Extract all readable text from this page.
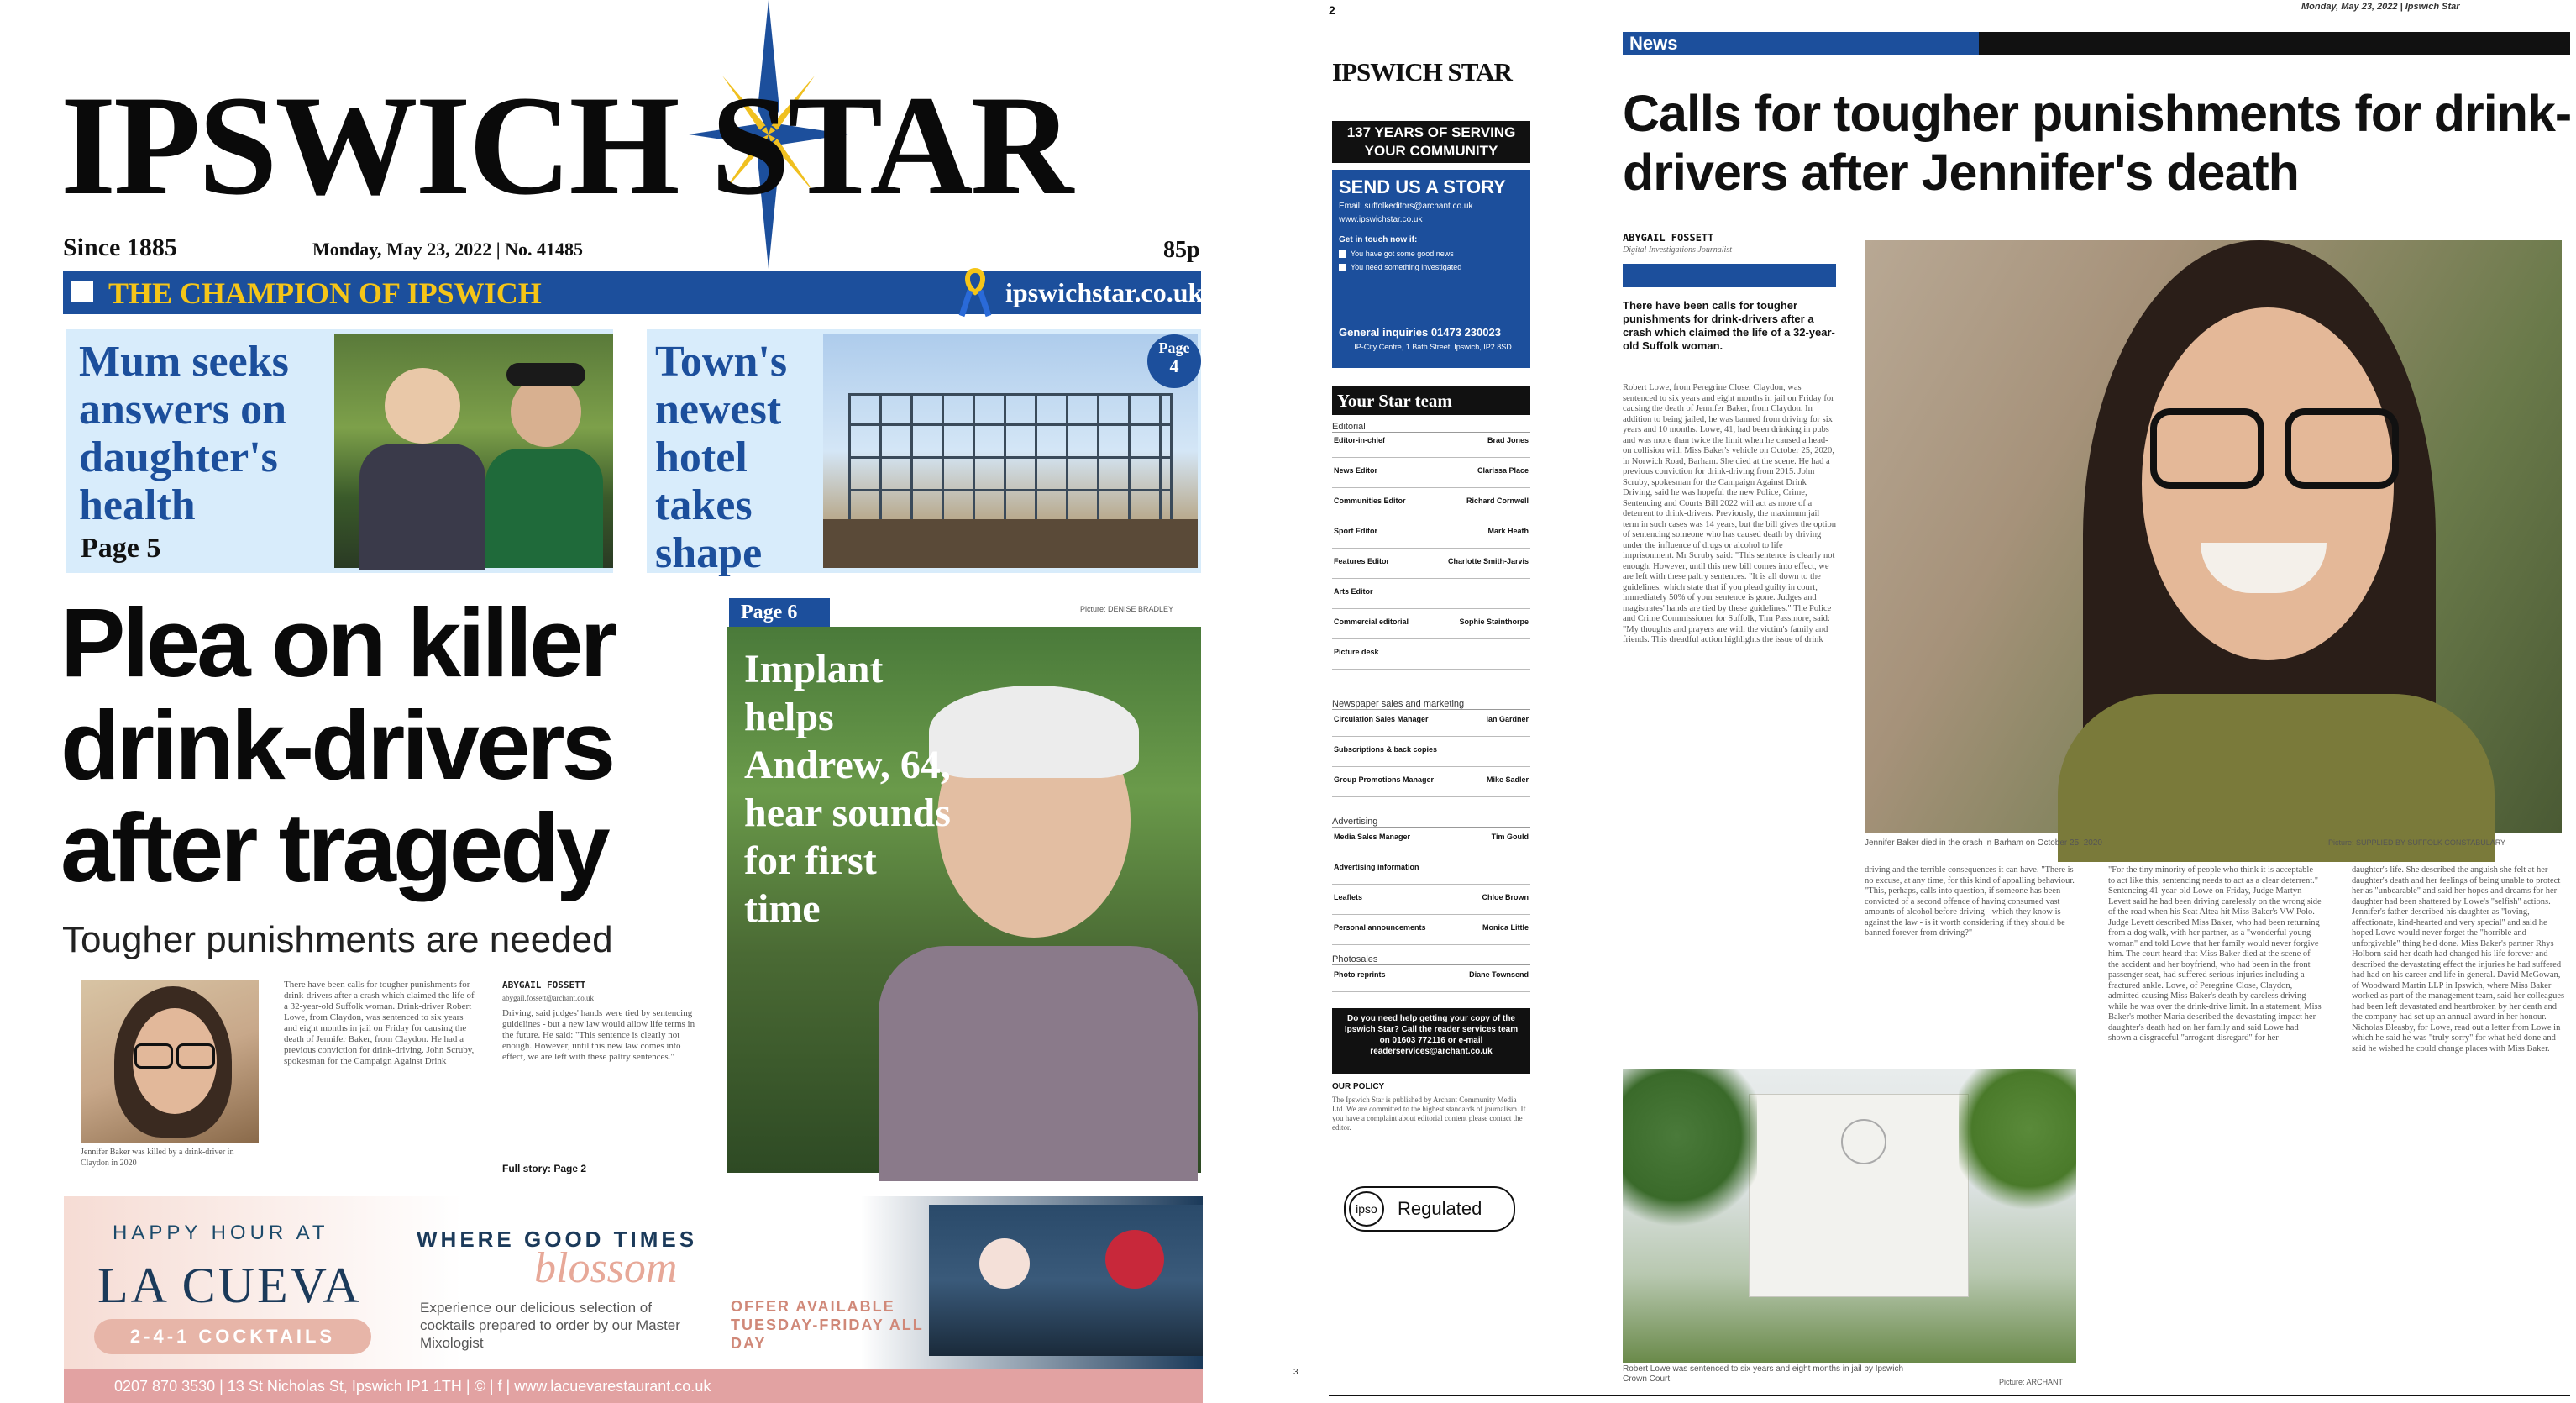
IPSWICH STAR
Since 1885	Monday, May 23, 2022 | No. 41485	85p
THE CHAMPION OF IPSWICH	ipswichstar.co.uk
Mum seeks answers on daughter's health
Page 5
Town's newest hotel takes shape
Page
4
Plea on killer drink-drivers after tragedy
Tougher punishments are needed
Jennifer Baker was killed by a drink-driver in Claydon in 2020
There have been calls for tougher punishments for drink-drivers after a crash which claimed the life of a 32-year-old Suffolk woman. Drink-driver Robert Lowe, from Claydon, was sentenced to six years and eight months in jail on Friday for causing the death of Jennifer Baker, from Claydon. He had a previous conviction for drink-driving. John Scruby, spokesman for the Campaign Against Drink
ABYGAIL FOSSETT
abygail.fossett@archant.co.uk
Driving, said judges' hands were tied by sentencing guidelines - but a new law would allow life terms in the future. He said: "This sentence is clearly not enough. However, until this new law comes into effect, we are left with these paltry sentences."
Full story: Page 2
Page 6	Picture: DENISE BRADLEY
Implant helps Andrew, 64, hear sounds for first time
HAPPY HOUR AT
LA CUEVA
2-4-1 COCKTAILS
WHERE GOOD TIMES
blossom
Experience our delicious selection of cocktails prepared to order by our Master Mixologist
OFFER AVAILABLE TUESDAY-FRIDAY ALL DAY
0207 870 3530 | 13 St Nicholas St, Ipswich IP1 1TH | © | f | www.lacuevarestaurant.co.uk
2	Monday, May 23, 2022 | Ipswich Star
IPSWICH STAR
137 YEARS OF SERVING YOUR COMMUNITY
SEND US A STORY
Email: suffolkeditors@archant.co.uk
www.ipswichstar.co.uk
Get in touch now if:
You have got some good news
You need something investigated
General inquiries 01473 230023
IP-City Centre, 1 Bath Street, Ipswich, IP2 8SD
Your Star team
Editorial
Editor-in-chief	Brad Jones
News Editor	Clarissa Place
Communities Editor	Richard Cornwell
Sport Editor	Mark Heath
Features Editor	Charlotte Smith-Jarvis
Arts Editor
Commercial editorial	Sophie Stainthorpe
Picture desk
Newspaper sales and marketing
Circulation Sales Manager	Ian Gardner
Subscriptions & back copies
Group Promotions Manager	Mike Sadler
Advertising
Media Sales Manager	Tim Gould
Advertising information
Leaflets	Chloe Brown
Personal announcements	Monica Little
Photosales
Photo reprints	Diane Townsend
Do you need help getting your copy of the Ipswich Star? Call the reader services team on 01603 772116 or e-mail readerservices@archant.co.uk
OUR POLICY
The Ipswich Star is published by Archant Community Media Ltd. We are committed to the highest standards of journalism. If you have a complaint about editorial content please contact the editor.
ipso	Regulated
News
Calls for tougher punishments for drink-drivers after Jennifer's death
ABYGAIL FOSSETT
Digital Investigations Journalist
There have been calls for tougher punishments for drink-drivers after a crash which claimed the life of a 32-year-old Suffolk woman.
Robert Lowe, from Peregrine Close, Claydon, was sentenced to six years and eight months in jail on Friday for causing the death of Jennifer Baker, from Claydon. In addition to being jailed, he was banned from driving for six years and 10 months. Lowe, 41, had been drinking in pubs and was more than twice the limit when he caused a head-on collision with Miss Baker's vehicle on October 25, 2020, in Norwich Road, Barham. She died at the scene. He had a previous conviction for drink-driving from 2015. John Scruby, spokesman for the Campaign Against Drink Driving, said he was hopeful the new Police, Crime, Sentencing and Courts Bill 2022 will act as more of a deterrent to drink-drivers. Previously, the maximum jail term in such cases was 14 years, but the bill gives the option of sentencing someone who has caused death by driving under the influence of drugs or alcohol to life imprisonment. Mr Scruby said: "This sentence is clearly not enough. However, until this new bill comes into effect, we are left with these paltry sentences. "It is all down to the guidelines, which state that if you plead guilty in court, immediately 50% of your sentence is gone. Judges and magistrates' hands are tied by these guidelines." The Police and Crime Commissioner for Suffolk, Tim Passmore, said: "My thoughts and prayers are with the victim's family and friends. This dreadful action highlights the issue of drink
Jennifer Baker died in the crash in Barham on October 25, 2020	Picture: SUPPLIED BY SUFFOLK CONSTABULARY
driving and the terrible consequences it can have. "There is no excuse, at any time, for this kind of appalling behaviour. "This, perhaps, calls into question, if someone has been convicted of a second offence of having consumed vast amounts of alcohol before driving - which they know is against the law - is it worth considering if they should be banned forever from driving?"
"For the tiny minority of people who think it is acceptable to act like this, sentencing needs to act as a clear deterrent." Sentencing 41-year-old Lowe on Friday, Judge Martyn Levett said he had been driving carelessly on the wrong side of the road when his Seat Altea hit Miss Baker's VW Polo. Judge Levett described Miss Baker, who had been returning from a dog walk, with her partner, as a "wonderful young woman" and told Lowe that her family would never forgive him. The court heard that Miss Baker died at the scene of the accident and her boyfriend, who had been in the front passenger seat, had suffered serious injuries including a fractured ankle. Lowe, of Peregrine Close, Claydon, admitted causing Miss Baker's death by careless driving while he was over the drink-drive limit. In a statement, Miss Baker's mother Maria described the devastating impact her daughter's death had on her family and said Lowe had shown a disgraceful "arrogant disregard" for her
daughter's life. She described the anguish she felt at her daughter's death and her feelings of being unable to protect her as "unbearable" and said her hopes and dreams for her daughter had been shattered by Lowe's "selfish" actions. Jennifer's father described his daughter as "loving, affectionate, kind-hearted and very special" and said he hoped Lowe would never forget the "horrible and unforgivable" thing he'd done. Miss Baker's partner Rhys Holborn said her death had changed his life forever and described the devastating effect the injuries he had suffered had had on his career and life in general. David McGowan, of Woodward Martin LLP in Ipswich, where Miss Baker worked as part of the management team, said her colleagues had been left devastated and heartbroken by her death and the company had set up an annual award in her honour. Nicholas Bleasby, for Lowe, read out a letter from Lowe in which he said he was "truly sorry" for what he'd done and said he wished he could change places with Miss Baker.
Robert Lowe was sentenced to six years and eight months in jail by Ipswich Crown Court	Picture: ARCHANT
3
